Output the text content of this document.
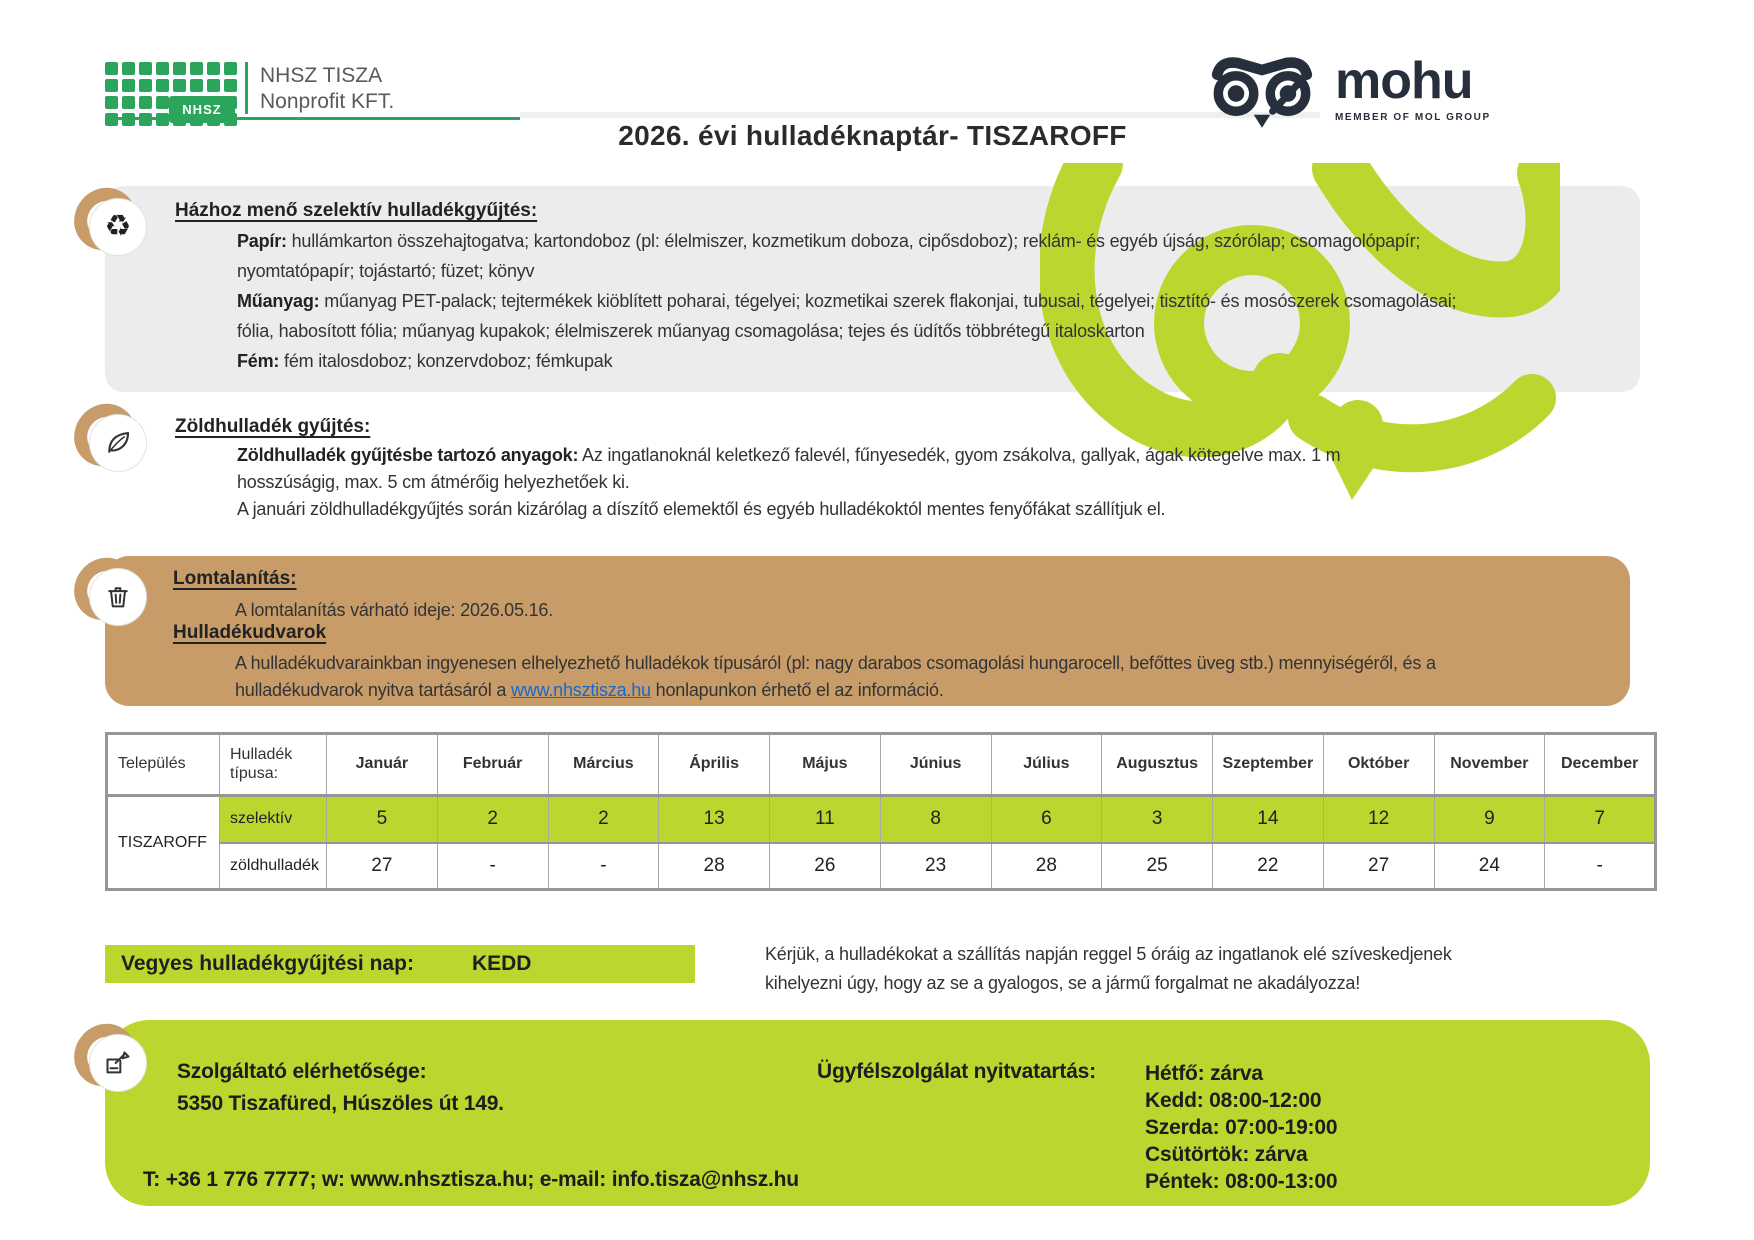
NHSZ
NHSZ TISZA
Nonprofit KFT.	mohu
MEMBER OF MOL GROUP
2026. évi hulladéknaptár- TISZAROFF
♻ Házhoz menő szelektív hulladékgyűjtés:

Papír: hullámkarton összehajtogatva; kartondoboz (pl: élelmiszer, kozmetikum doboza, cipősdoboz); reklám- és egyéb újság, szórólap; csomagolópapír; nyomtatópapír; tojástartó; füzet; könyv

Műanyag: műanyag PET-palack; tejtermékek kiöblített poharai, tégelyei; kozmetikai szerek flakonjai, tubusai, tégelyei; tisztító- és mosószerek csomagolásai; fólia, habosított fólia; műanyag kupakok; élelmiszerek műanyag csomagolása; tejes és üdítős többrétegű italoskarton

Fém: fém italosdoboz; konzervdoboz; fémkupak

Zöldhulladék gyűjtés:

Zöldhulladék gyűjtésbe tartozó anyagok: Az ingatlanoknál keletkező falevél, fűnyesedék, gyom zsákolva, gallyak, ágak kötegelve max. 1 m hosszúságig, max. 5 cm átmérőig helyezhetőek ki.

A januári zöldhulladékgyűjtés során kizárólag a díszítő elemektől és egyéb hulladékoktól mentes fenyőfákat szállítjuk el.

Lomtalanítás:
A lomtalanítás várható ideje: 2026.05.16.
Hulladékudvarok
A hulladékudvarainkban ingyenesen elhelyezhető hulladékok típusáról (pl: nagy darabos csomagolási hungarocell, befőttes üveg stb.) mennyiségéről, és a hulladékudvarok nyitva tartásáról a www.nhsztisza.hu honlapunkon érhető el az információ.
Település	Hulladék típusa:	Január	Február	Március	Április	Május	Június	Július	Augusztus	Szeptember	Október	November	December
TISZAROFF	szelektív	5	2	2	13	11	8	6	3	14	12	9	7
	zöldhulladék	27	-	-	28	26	23	28	25	22	27	24	-
Vegyes hulladékgyűjtési nap:	KEDD	Kérjük, a hulladékokat a szállítás napján reggel 5 óráig az ingatlanok elé szíveskedjenek kihelyezni úgy, hogy az se a gyalogos, se a jármű forgalmat ne akadályozza!
Szolgáltató elérhetősége:
5350 Tiszafüred, Húszöles út 149.
Ügyfélszolgálat nyitvatartás: Hétfő: zárva
Kedd: 08:00-12:00
Szerda: 07:00-19:00
Csütörtök: zárva
Péntek: 08:00-13:00
T: +36 1 776 7777; w: www.nhsztisza.hu; e-mail: info.tisza@nhsz.hu
